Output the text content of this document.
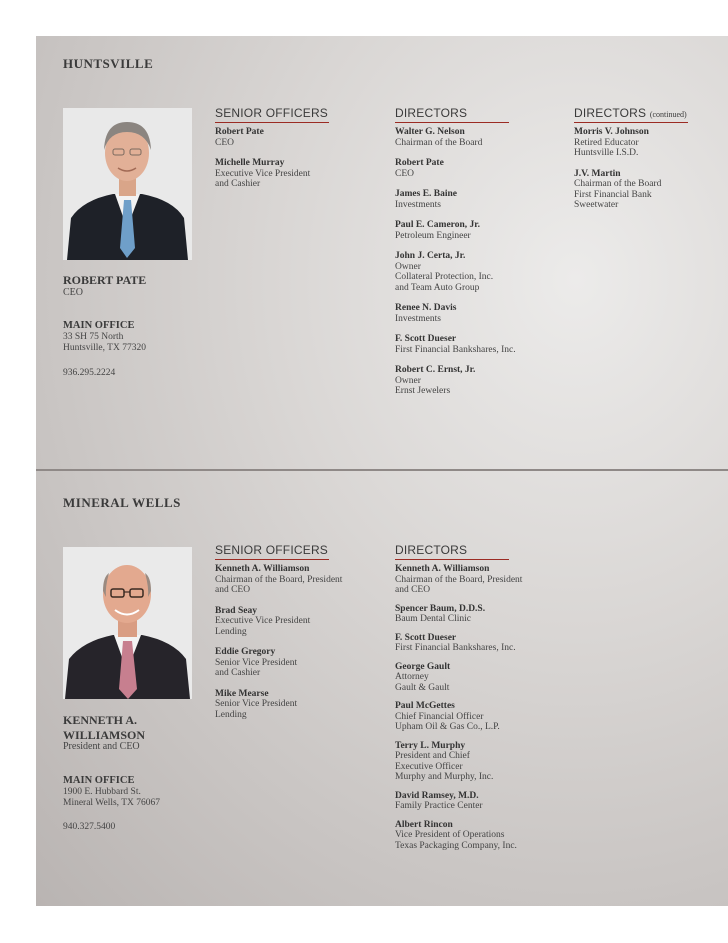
HUNTSVILLE
ROBERT PATE
CEO
MAIN OFFICE
33 SH 75 North
Huntsville, TX 77320
936.295.2224
SENIOR OFFICERS
Robert Pate
CEO
Michelle Murray
Executive Vice President
and Cashier
DIRECTORS
Walter G. Nelson
Chairman of the Board
Robert Pate
CEO
James E. Baine
Investments
Paul E. Cameron, Jr.
Petroleum Engineer
John J. Certa, Jr.
Owner
Collateral Protection, Inc.
and Team Auto Group
Renee N. Davis
Investments
F. Scott Dueser
First Financial Bankshares, Inc.
Robert C. Ernst, Jr.
Owner
Ernst Jewelers
DIRECTORS (continued)
Morris V. Johnson
Retired Educator
Huntsville I.S.D.
J.V. Martin
Chairman of the Board
First Financial Bank
Sweetwater
MINERAL WELLS
KENNETH A.
WILLIAMSON
President and CEO
MAIN OFFICE
1900 E. Hubbard St.
Mineral Wells, TX 76067
940.327.5400
SENIOR OFFICERS
Kenneth A. Williamson
Chairman of the Board, President
and CEO
Brad Seay
Executive Vice President
Lending
Eddie Gregory
Senior Vice President
and Cashier
Mike Mearse
Senior Vice President
Lending
DIRECTORS
Kenneth A. Williamson
Chairman of the Board, President
and CEO
Spencer Baum, D.D.S.
Baum Dental Clinic
F. Scott Dueser
First Financial Bankshares, Inc.
George Gault
Attorney
Gault & Gault
Paul McGettes
Chief Financial Officer
Upham Oil & Gas Co., L.P.
Terry L. Murphy
President and Chief
Executive Officer
Murphy and Murphy, Inc.
David Ramsey, M.D.
Family Practice Center
Albert Rincon
Vice President of Operations
Texas Packaging Company, Inc.
